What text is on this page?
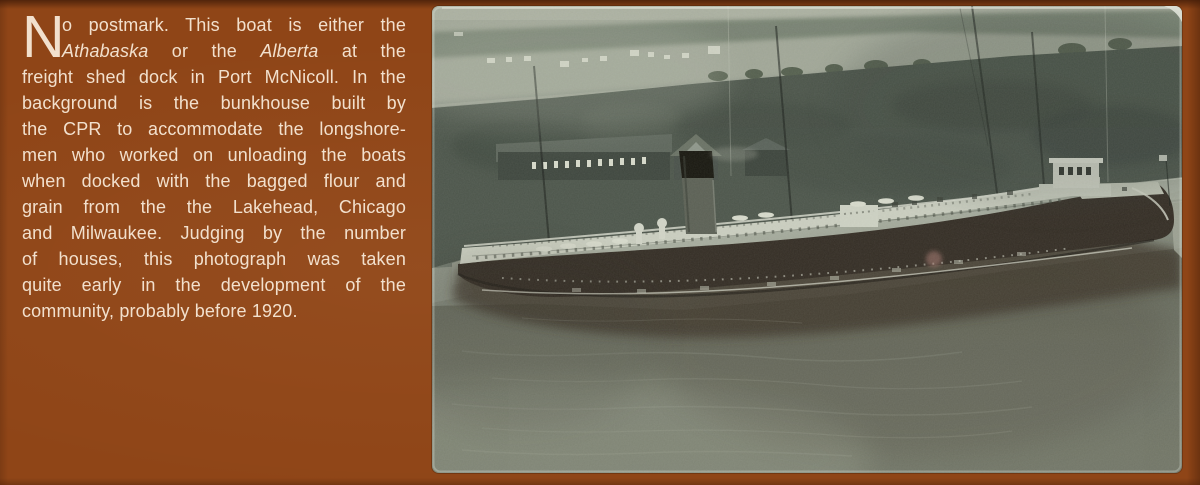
N
o postmark. This boat is either the
Athabaska or the Alberta at the
freight shed dock in Port McNicoll. In the
background is the bunkhouse built by
the CPR to accommodate the longshore-
men who worked on unloading the boats
when docked with the bagged flour and
grain from the the Lakehead, Chicago
and Milwaukee. Judging by the number
of houses, this photograph was taken
quite early in the development of the
community, probably before 1920.
